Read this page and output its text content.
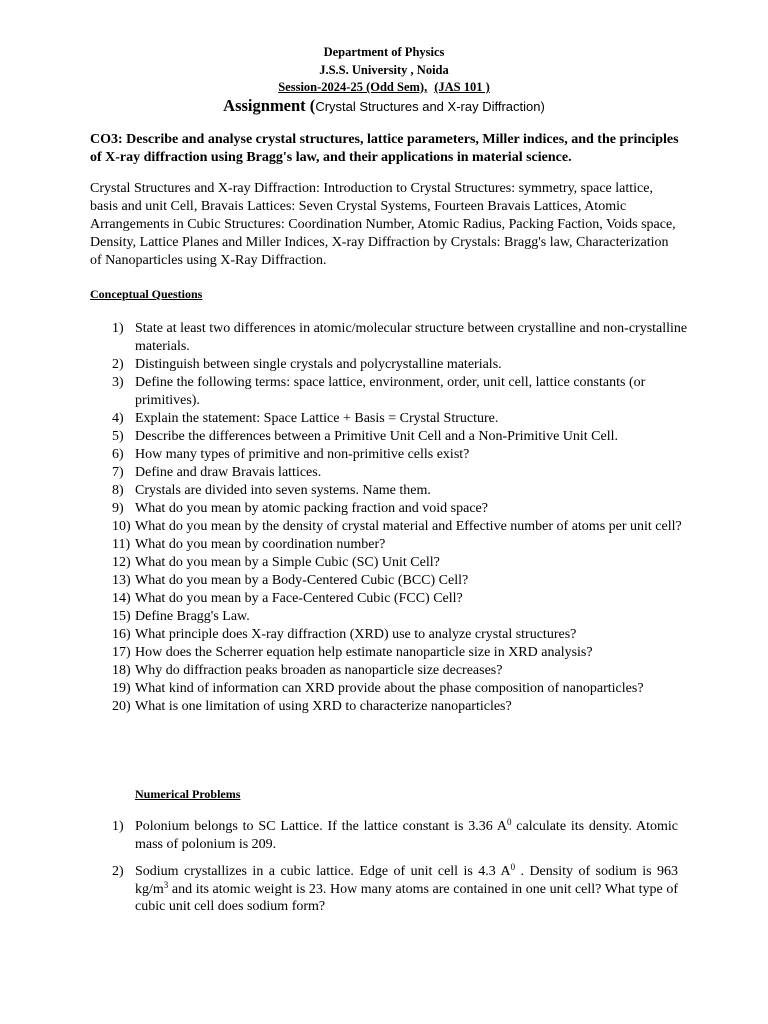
Department of Physics
J.S.S. University , Noida
Session-2024-25 (Odd Sem), (JAS 101 )
Assignment (Crystal Structures and X-ray Diffraction)
CO3: Describe and analyse crystal structures, lattice parameters, Miller indices, and the principles of X-ray diffraction using Bragg's law, and their applications in material science.
Crystal Structures and X-ray Diffraction: Introduction to Crystal Structures: symmetry, space lattice, basis and unit Cell, Bravais Lattices: Seven Crystal Systems, Fourteen Bravais Lattices, Atomic Arrangements in Cubic Structures: Coordination Number, Atomic Radius, Packing Faction, Voids space, Density, Lattice Planes and Miller Indices, X-ray Diffraction by Crystals: Bragg's law, Characterization of Nanoparticles using X-Ray Diffraction.
Conceptual Questions
1) State at least two differences in atomic/molecular structure between crystalline and non-crystalline materials.
2) Distinguish between single crystals and polycrystalline materials.
3) Define the following terms: space lattice, environment, order, unit cell, lattice constants (or primitives).
4) Explain the statement: Space Lattice + Basis = Crystal Structure.
5) Describe the differences between a Primitive Unit Cell and a Non-Primitive Unit Cell.
6) How many types of primitive and non-primitive cells exist?
7) Define and draw Bravais lattices.
8) Crystals are divided into seven systems. Name them.
9) What do you mean by atomic packing fraction and void space?
10) What do you mean by the density of crystal material and Effective number of atoms per unit cell?
11) What do you mean by coordination number?
12) What do you mean by a Simple Cubic (SC) Unit Cell?
13) What do you mean by a Body-Centered Cubic (BCC) Cell?
14) What do you mean by a Face-Centered Cubic (FCC) Cell?
15) Define Bragg's Law.
16) What principle does X-ray diffraction (XRD) use to analyze crystal structures?
17) How does the Scherrer equation help estimate nanoparticle size in XRD analysis?
18) Why do diffraction peaks broaden as nanoparticle size decreases?
19) What kind of information can XRD provide about the phase composition of nanoparticles?
20) What is one limitation of using XRD to characterize nanoparticles?
Numerical Problems
1) Polonium belongs to SC Lattice. If the lattice constant is 3.36 $A^0$ calculate its density. Atomic mass of polonium is 209.
2) Sodium crystallizes in a cubic lattice. Edge of unit cell is 4.3 $A^0$ . Density of sodium is 963 $kg/m^3$ and its atomic weight is 23. How many atoms are contained in one unit cell? What type of cubic unit cell does sodium form?
